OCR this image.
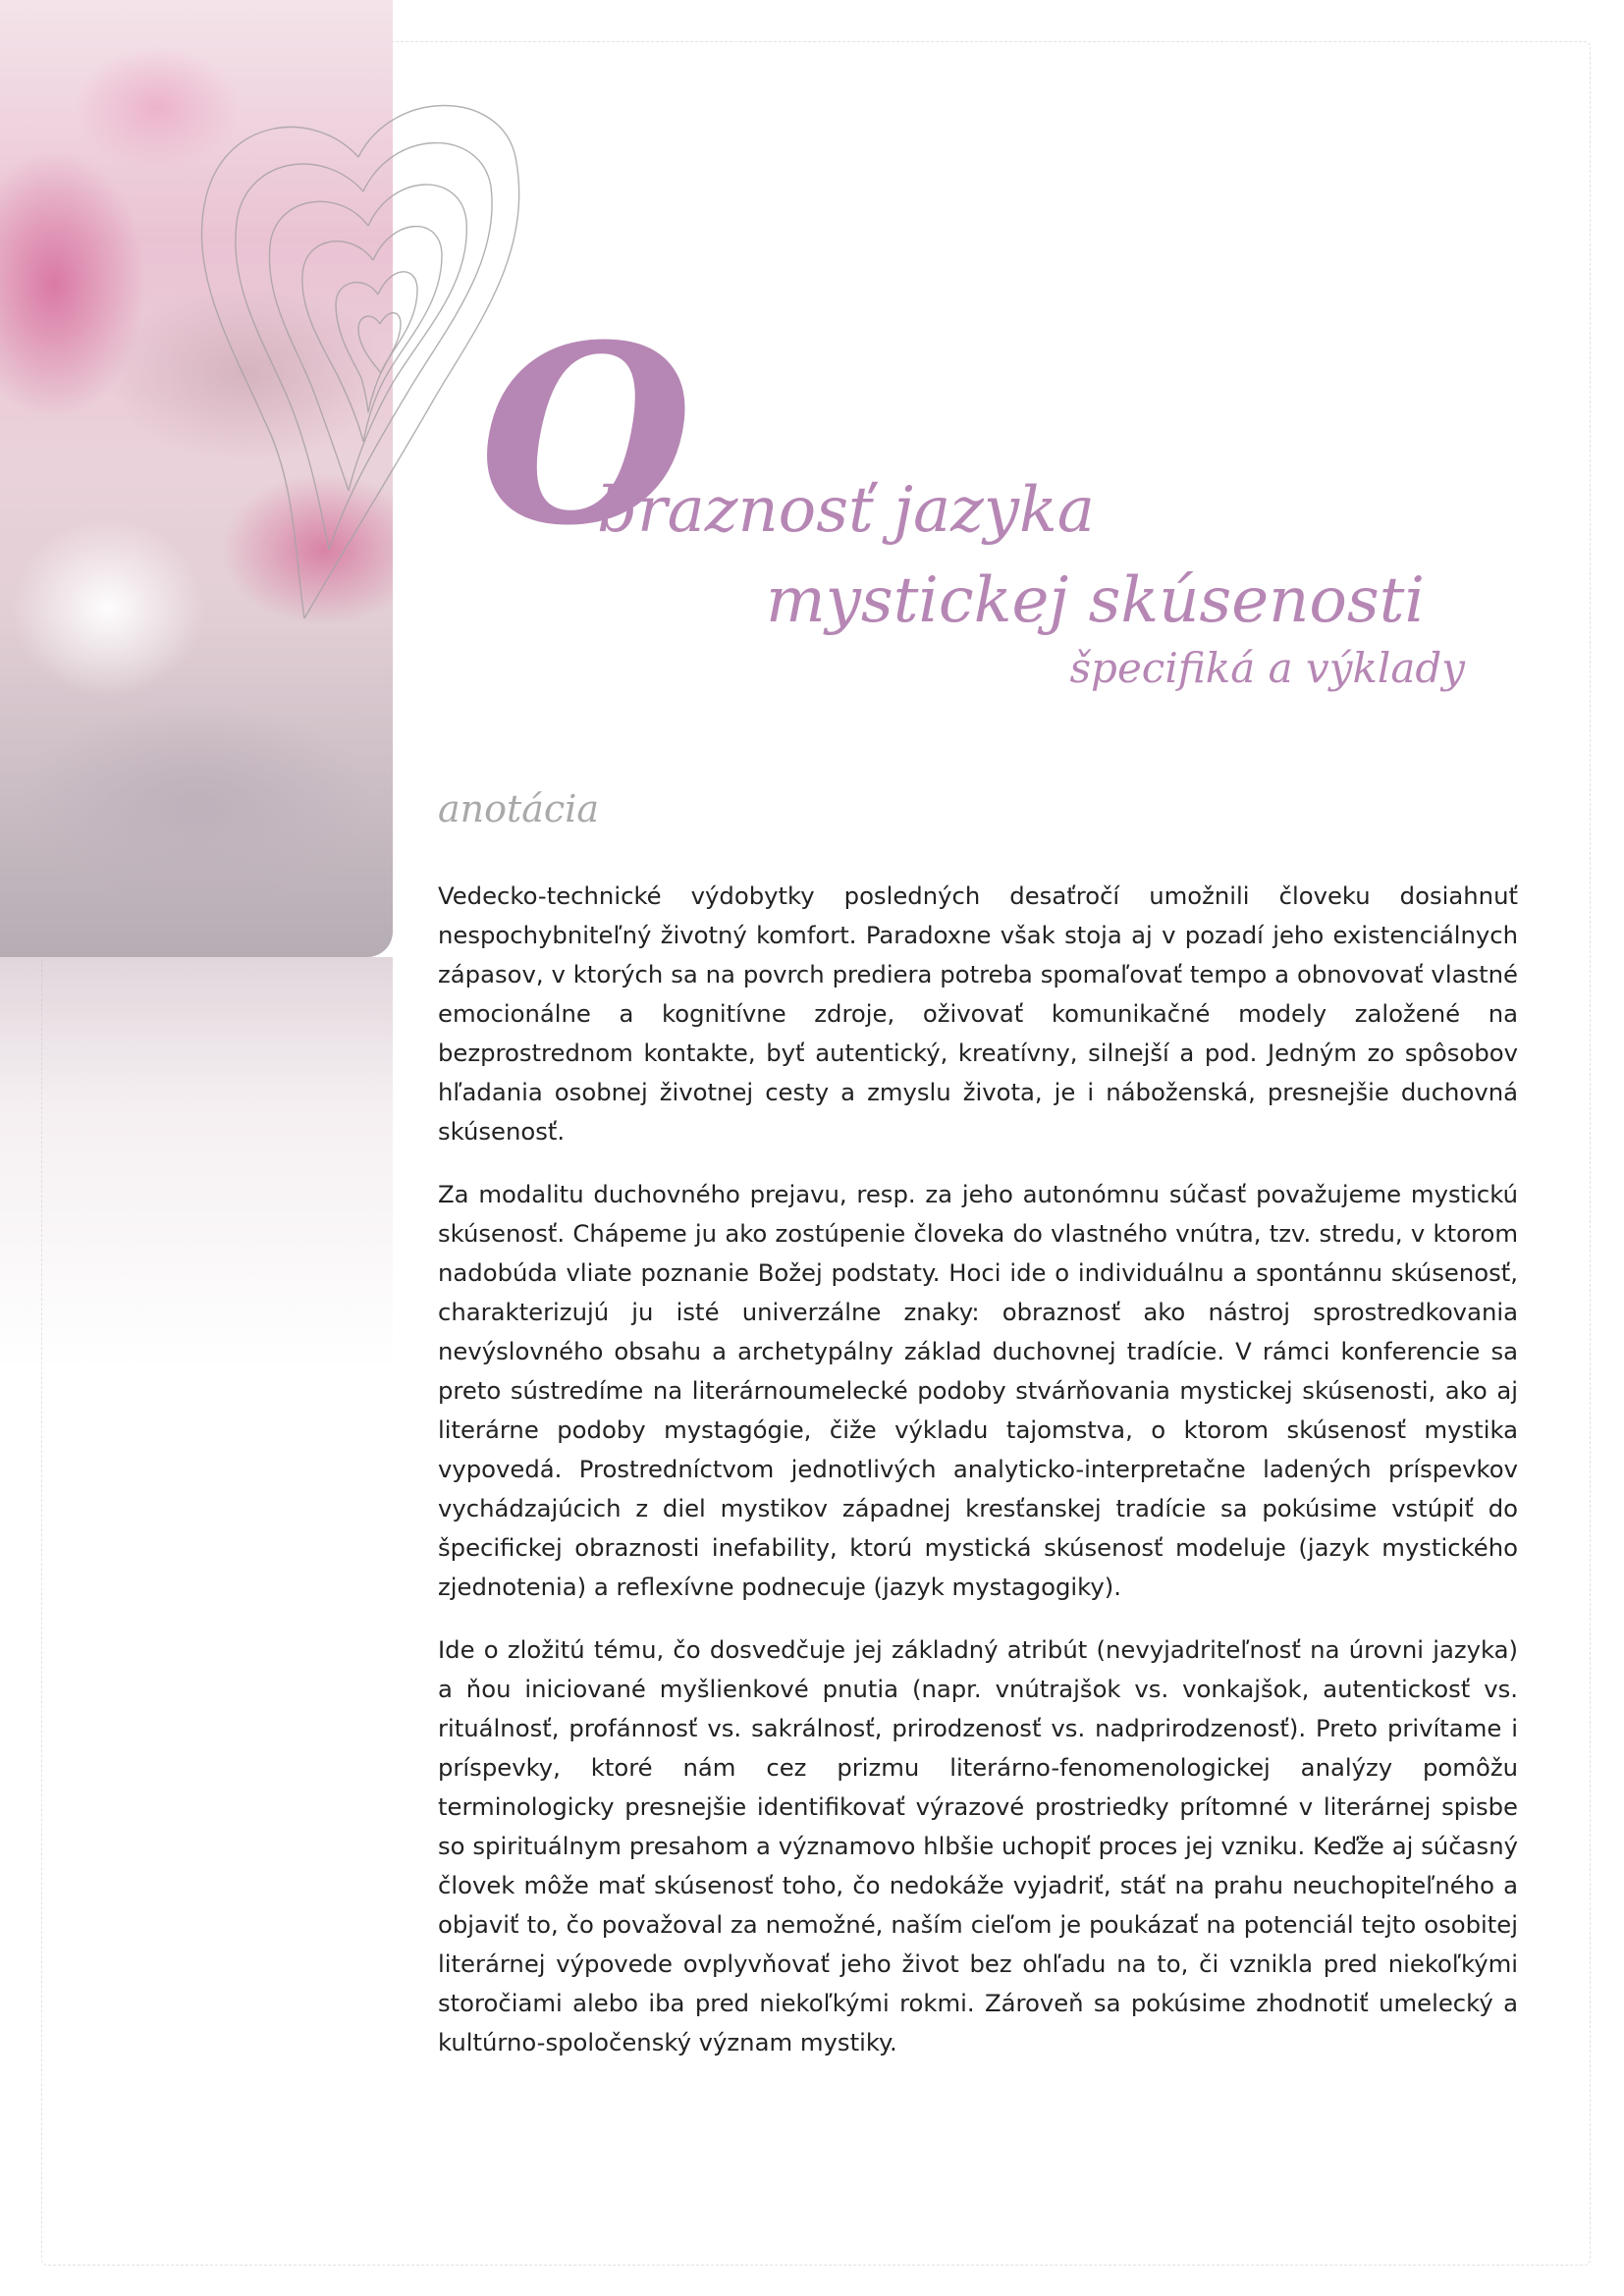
O
braznosť jazyka
mystickej skúsenosti
špecifiká a výklady
anotácia

Vedecko-technické výdobytky posledných desaťročí umožnili človeku dosiahnuť nespochybniteľný životný komfort. Paradoxne však stoja aj v pozadí jeho existenciálnych zápasov, v ktorých sa na povrch prediera potreba spomaľovať tempo a obnovovať vlastné emocionálne a kognitívne zdroje, oživovať komunikačné modely založené na bezprostrednom kontakte, byť autentický, kreatívny, silnejší a pod. Jedným zo spôsobov hľadania osobnej životnej cesty a zmyslu života, je i náboženská, presnejšie duchovná skúsenosť.

Za modalitu duchovného prejavu, resp. za jeho autonómnu súčasť považujeme mystickú skúsenosť. Chápeme ju ako zostúpenie človeka do vlastného vnútra, tzv. stredu, v ktorom nadobúda vliate poznanie Božej podstaty. Hoci ide o individuálnu a spontánnu skúsenosť, charakterizujú ju isté univerzálne znaky: obraznosť ako nástroj sprostredkovania nevýslovného obsahu a archetypálny základ duchovnej tradície. V rámci konferencie sa preto sústredíme na literárnoumelecké podoby stvárňovania mystickej skúsenosti, ako aj literárne podoby mystagógie, čiže výkladu tajomstva, o ktorom skúsenosť mystika vypovedá. Prostredníctvom jednotlivých analyticko-interpretačne ladených príspevkov vychádzajúcich z diel mystikov západnej kresťanskej tradície sa pokúsime vstúpiť do špecifickej obraznosti inefability, ktorú mystická skúsenosť modeluje (jazyk mystického zjednotenia) a reflexívne podnecuje (jazyk mystagogiky).

Ide o zložitú tému, čo dosvedčuje jej základný atribút (nevyjadriteľnosť na úrovni jazyka) a ňou iniciované myšlienkové pnutia (napr. vnútrajšok vs. vonkajšok, autentickosť vs. rituálnosť, profánnosť vs. sakrálnosť, prirodzenosť vs. nadprirodzenosť). Preto privítame i príspevky, ktoré nám cez prizmu literárno-fenomenologickej analýzy pomôžu terminologicky presnejšie identifikovať výrazové prostriedky prítomné v literárnej spisbe so spirituálnym presahom a významovo hlbšie uchopiť proces jej vzniku. Keďže aj súčasný človek môže mať skúsenosť toho, čo nedokáže vyjadriť, stáť na prahu neuchopiteľného a objaviť to, čo považoval za nemožné, naším cieľom je poukázať na potenciál tejto osobitej literárnej výpovede ovplyvňovať jeho život bez ohľadu na to, či vznikla pred niekoľkými storočiami alebo iba pred niekoľkými rokmi. Zároveň sa pokúsime zhodnotiť umelecký a kultúrno-spoločenský význam mystiky.
